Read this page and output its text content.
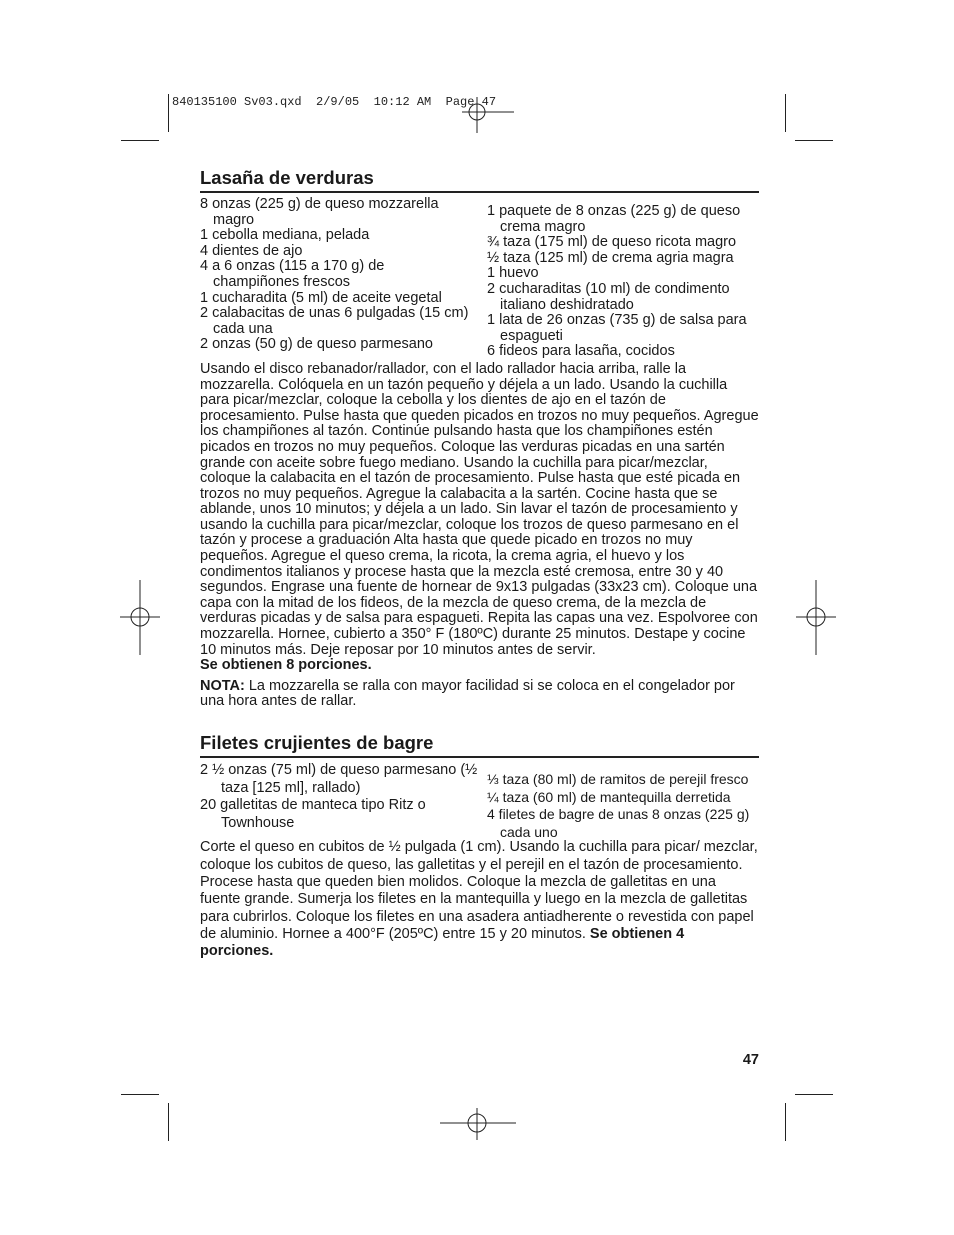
840135100 Sv03.qxd  2/9/05  10:12 AM  Page 47
Lasaña de verduras
8 onzas (225 g) de queso mozzarella magro
1 cebolla mediana, pelada
4 dientes de ajo
4 a 6 onzas (115 a 170 g) de champiñones frescos
1 cucharadita (5 ml) de aceite vegetal
2 calabacitas de unas 6 pulgadas (15 cm) cada una
2 onzas (50 g) de queso parmesano
1 paquete de 8 onzas (225 g) de queso crema magro
¾ taza (175 ml) de queso ricota magro
½ taza (125 ml) de crema agria magra
1 huevo
2 cucharaditas (10 ml) de condimento italiano deshidratado
1 lata de 26 onzas (735 g) de salsa para espagueti
6 fideos para lasaña, cocidos

Usando el disco rebanador/rallador, con el lado rallador hacia arriba, ralle la mozzarella. Colóquela en un tazón pequeño y déjela a un lado. Usando la cuchilla para picar/mezclar, coloque la cebolla y los dientes de ajo en el tazón de procesamiento. Pulse hasta que queden picados en trozos no muy pequeños. Agregue los champiñones al tazón. Continúe pulsando hasta que los champiñones estén picados en trozos no muy pequeños. Coloque las verduras picadas en una sartén grande con aceite sobre fuego mediano. Usando la cuchilla para picar/mezclar, coloque la calabacita en el tazón de procesamiento. Pulse hasta que esté picada en trozos no muy pequeños. Agregue la calabacita a la sartén. Cocine hasta que se ablande, unos 10 minutos; y déjela a un lado. Sin lavar el tazón de procesamiento y usando la cuchilla para picar/mezclar, coloque los trozos de queso parmesano en el tazón y procese a graduación Alta hasta que quede picado en trozos no muy pequeños. Agregue el queso crema, la ricota, la crema agria, el huevo y los condimentos italianos y procese hasta que la mezcla esté cremosa, entre 30 y 40 segundos. Engrase una fuente de hornear de 9x13 pulgadas (33x23 cm). Coloque una capa con la mitad de los fideos, de la mezcla de queso crema, de la mezcla de verduras picadas y de salsa para espagueti. Repita las capas una vez. Espolvoree con mozzarella. Hornee, cubierto a 350° F (180ºC) durante 25 minutos. Destape y cocine 10 minutos más. Deje reposar por 10 minutos antes de servir.
Se obtienen 8 porciones.

NOTA: La mozzarella se ralla con mayor facilidad si se coloca en el congelador por una hora antes de rallar.

Filetes crujientes de bagre
2 ½ onzas (75 ml) de queso parmesano (½ taza [125 ml], rallado)
20 galletitas de manteca tipo Ritz o Townhouse
⅓ taza (80 ml) de ramitos de perejil fresco
¼ taza (60 ml) de mantequilla derretida
4 filetes de bagre de unas 8 onzas (225 g) cada uno

Corte el queso en cubitos de ½ pulgada (1 cm). Usando la cuchilla para picar/ mezclar, coloque los cubitos de queso, las galletitas y el perejil en el tazón de procesamiento. Procese hasta que queden bien molidos. Coloque la mezcla de galletitas en una fuente grande. Sumerja los filetes en la mantequilla y luego en la mezcla de galletitas para cubrirlos. Coloque los filetes en una asadera antiadherente o revestida con papel de aluminio. Hornee a 400°F (205ºC) entre 15 y 20 minutos. Se obtienen 4 porciones.

47
